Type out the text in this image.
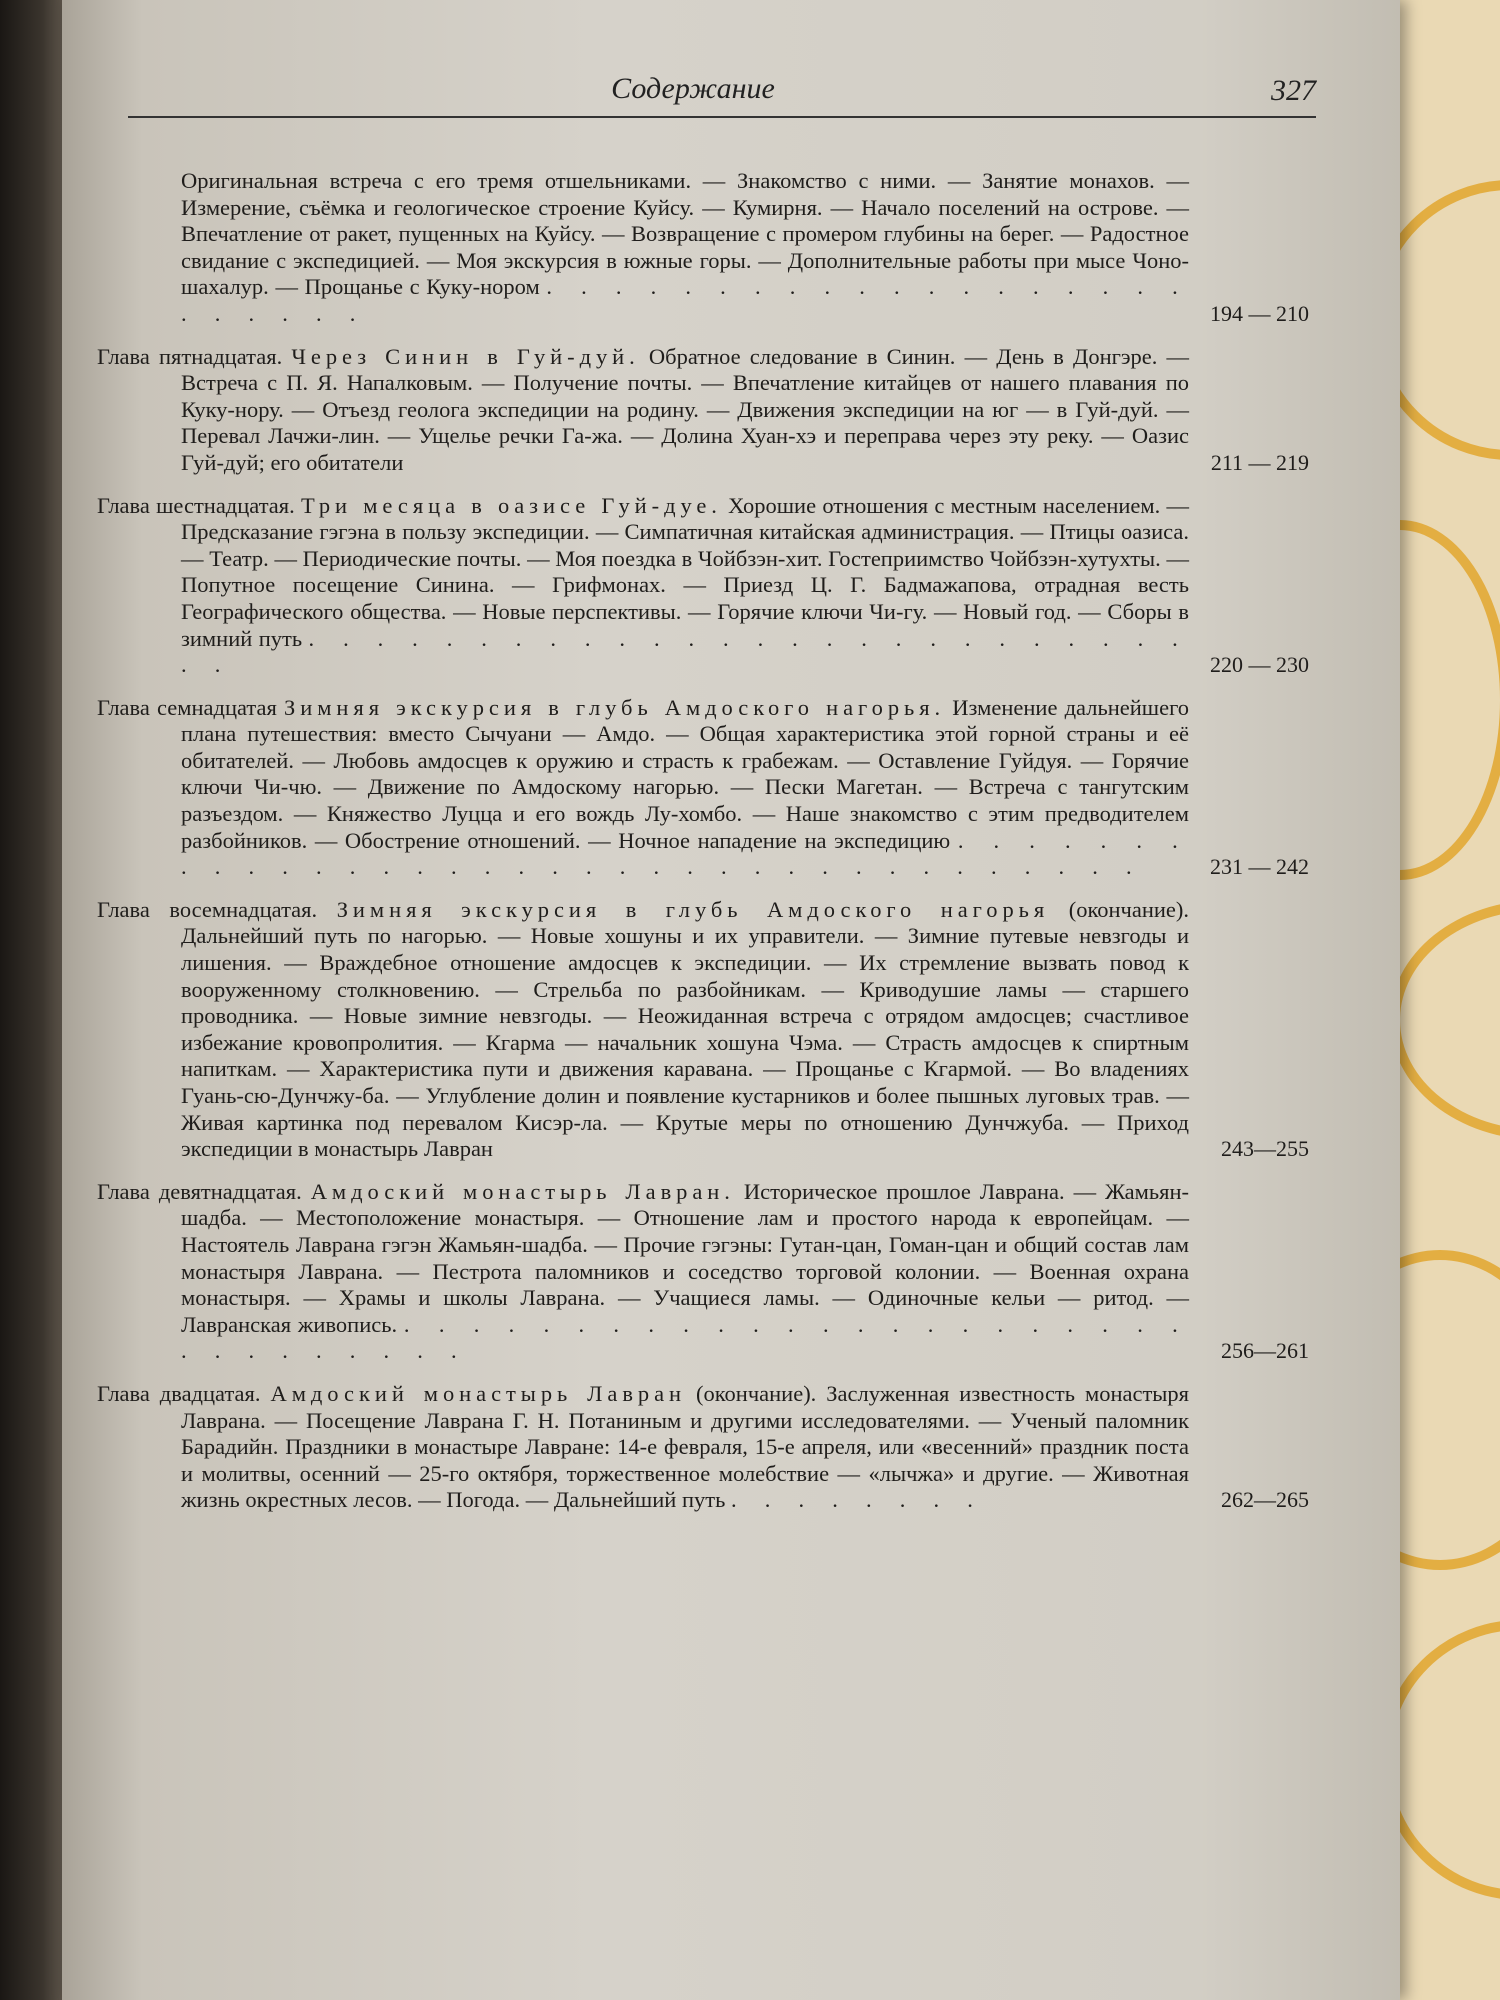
Содержание	327
Оригинальная встреча с его тремя отшельниками. — Знакомство с ними. — Занятие монахов. — Измерение, съёмка и геологическое строение Куйсу. — Кумирня. — Начало поселений на острове. — Впечатление от ракет, пущенных на Куйсу. — Возвращение с промером глубины на берег. — Радостное свидание с экспедицией. — Моя экскурсия в южные горы. — Дополнительные работы при мысе Чоно-шахалур. — Прощанье с Куку-нором . . . . . . . . . . . . . . . . . . . . . . . . .	194 — 210
Глава пятнадцатая. Через Синин в Гуй-дуй. Обратное следование в Синин. — День в Донгэре. — Встреча с П. Я. Напалковым. — Получение почты. — Впечатление китайцев от нашего плавания по Куку-нору. — Отъезд геолога экспедиции на родину. — Движения экспедиции на юг — в Гуй-дуй. — Перевал Лачжи-лин. — Ущелье речки Га-жа. — Долина Хуан-хэ и переправа через эту реку. — Оазис Гуй-дуй; его обитатели	211 — 219
Глава шестнадцатая. Три месяца в оазисе Гуй-дуе. Хорошие отношения с местным населением. — Предсказание гэгэна в пользу экспедиции. — Симпатичная китайская администрация. — Птицы оазиса. — Театр. — Периодические почты. — Моя поездка в Чойбзэн-хит. Гостеприимство Чойбзэн-хутухты. — Попутное посещение Синина. — Грифмонах. — Приезд Ц. Г. Бадмажапова, отрадная весть Географического общества. — Новые перспективы. — Горячие ключи Чи-гу. — Новый год. — Сборы в зимний путь . . . . . . . . . . . . . . . . . . . . . . . . . . . .	220 — 230
Глава семнадцатая Зимняя экскурсия в глубь Амдоского нагорья. Изменение дальнейшего плана путешествия: вместо Сычуани — Амдо. — Общая характеристика этой горной страны и её обитателей. — Любовь амдосцев к оружию и страсть к грабежам. — Оставление Гуйдуя. — Горячие ключи Чи-чю. — Движение по Амдоскому нагорью. — Пески Магетан. — Встреча с тангутским разъездом. — Княжество Луцца и его вождь Лу-хомбо. — Наше знакомство с этим предводителем разбойников. — Обострение отношений. — Ночное нападение на экспедицию . . . . . . . . . . . . . . . . . . . . . . . . . . . . . . . . . . . .	231 — 242
Глава восемнадцатая. Зимняя экскурсия в глубь Амдоского нагорья (окончание). Дальнейший путь по нагорью. — Новые хошуны и их управители. — Зимние путевые невзгоды и лишения. — Враждебное отношение амдосцев к экспедиции. — Их стремление вызвать повод к вооруженному столкновению. — Стрельба по разбойникам. — Криводушие ламы — старшего проводника. — Новые зимние невзгоды. — Неожиданная встреча с отрядом амдосцев; счастливое избежание кровопролития. — Кгарма — начальник хошуна Чэма. — Страсть амдосцев к спиртным напиткам. — Характеристика пути и движения каравана. — Прощанье с Кгармой. — Во владениях Гуань-сю-Дунчжу-ба. — Углубление долин и появление кустарников и более пышных луговых трав. — Живая картинка под перевалом Кисэр-ла. — Крутые меры по отношению Дунчжуба. — Приход экспедиции в монастырь Лавран	243—255
Глава девятнадцатая. Амдоский монастырь Лавран. Историческое прошлое Лаврана. — Жамьян-шадба. — Местоположение монастыря. — Отношение лам и простого народа к европейцам. — Настоятель Лаврана гэгэн Жамьян-шадба. — Прочие гэгэны: Гутан-цан, Гоман-цан и общий состав лам монастыря Лаврана. — Пестрота паломников и соседство торговой колонии. — Военная охрана монастыря. — Храмы и школы Лаврана. — Учащиеся ламы. — Одиночные кельи — ритод. — Лавранская живопись. . . . . . . . . . . . . . . . . . . . . . . . . . . . . . . . .	256—261
Глава двадцатая. Амдоский монастырь Лавран (окончание). Заслуженная известность монастыря Лаврана. — Посещение Лаврана Г. Н. Потаниным и другими исследователями. — Ученый паломник Барадийн. Праздники в монастыре Лавране: 14-е февраля, 15-е апреля, или «весенний» праздник поста и молитвы, осенний — 25-го октября, торжественное молебствие — «лычжа» и другие. — Животная жизнь окрестных лесов. — Погода. — Дальнейший путь . . . . . . . .	262—265
